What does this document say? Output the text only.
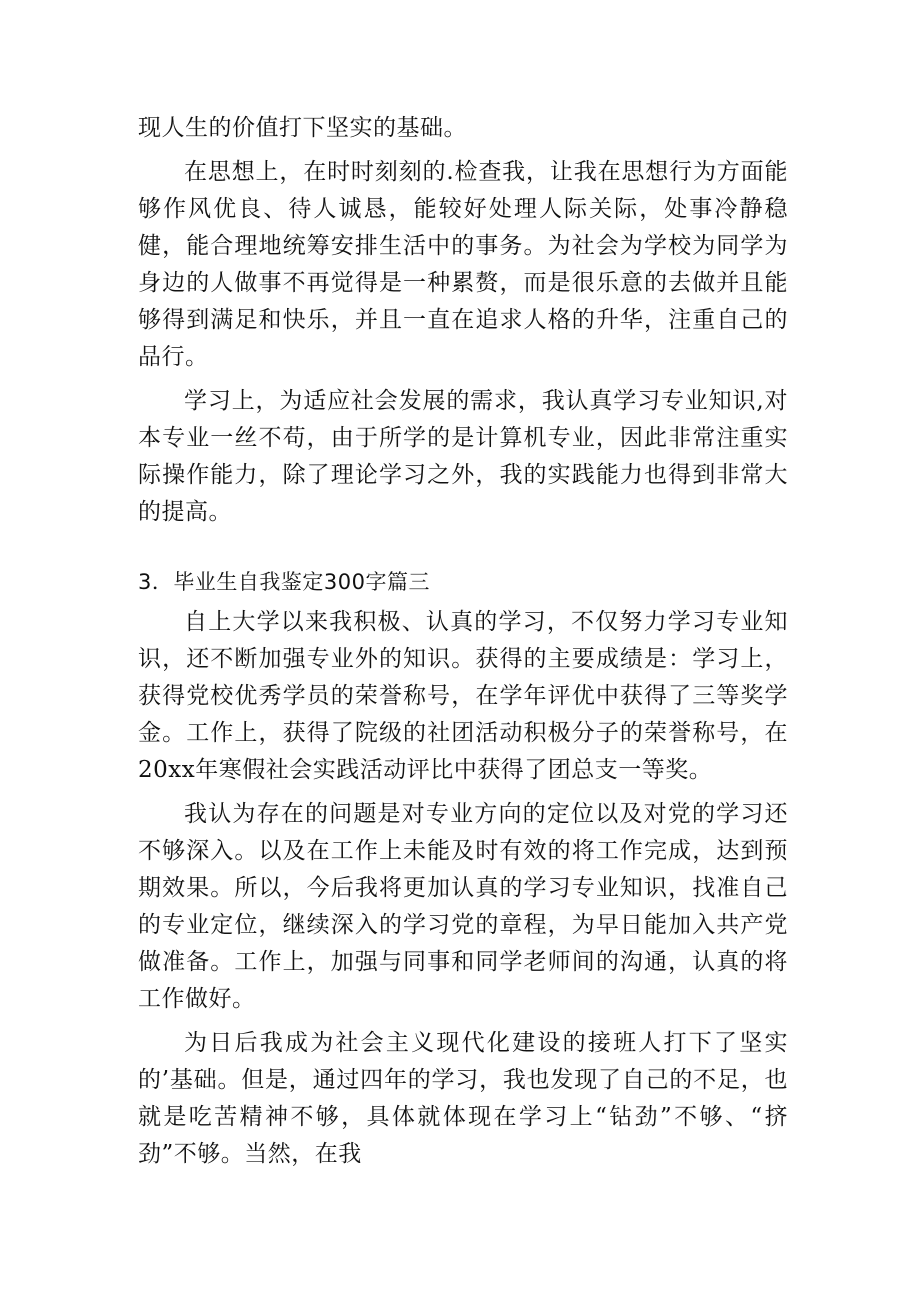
现人生的价值打下坚实的基础。

在思想上，在时时刻刻的.检查我，让我在思想行为方面能够作风优良、待人诚恳，能较好处理人际关际，处事冷静稳健，能合理地统筹安排生活中的事务。为社会为学校为同学为身边的人做事不再觉得是一种累赘，而是很乐意的去做并且能够得到满足和快乐，并且一直在追求人格的升华，注重自己的品行。

学习上，为适应社会发展的需求，我认真学习专业知识,对本专业一丝不苟，由于所学的是计算机专业，因此非常注重实际操作能力，除了理论学习之外，我的实践能力也得到非常大的提高。

3．毕业生自我鉴定300字篇三

自上大学以来我积极、认真的学习，不仅努力学习专业知识，还不断加强专业外的知识。获得的主要成绩是：学习上，获得党校优秀学员的荣誉称号，在学年评优中获得了三等奖学金。工作上，获得了院级的社团活动积极分子的荣誉称号，在20xx年寒假社会实践活动评比中获得了团总支一等奖。

我认为存在的问题是对专业方向的定位以及对党的学习还不够深入。以及在工作上未能及时有效的将工作完成，达到预期效果。所以，今后我将更加认真的学习专业知识，找准自己的专业定位，继续深入的学习党的章程，为早日能加入共产党做准备。工作上，加强与同事和同学老师间的沟通，认真的将工作做好。

为日后我成为社会主义现代化建设的接班人打下了坚实的’基础。但是，通过四年的学习，我也发现了自己的不足，也就是吃苦精神不够，具体就体现在学习上“钻劲”不够、“挤劲”不够。当然，在我
